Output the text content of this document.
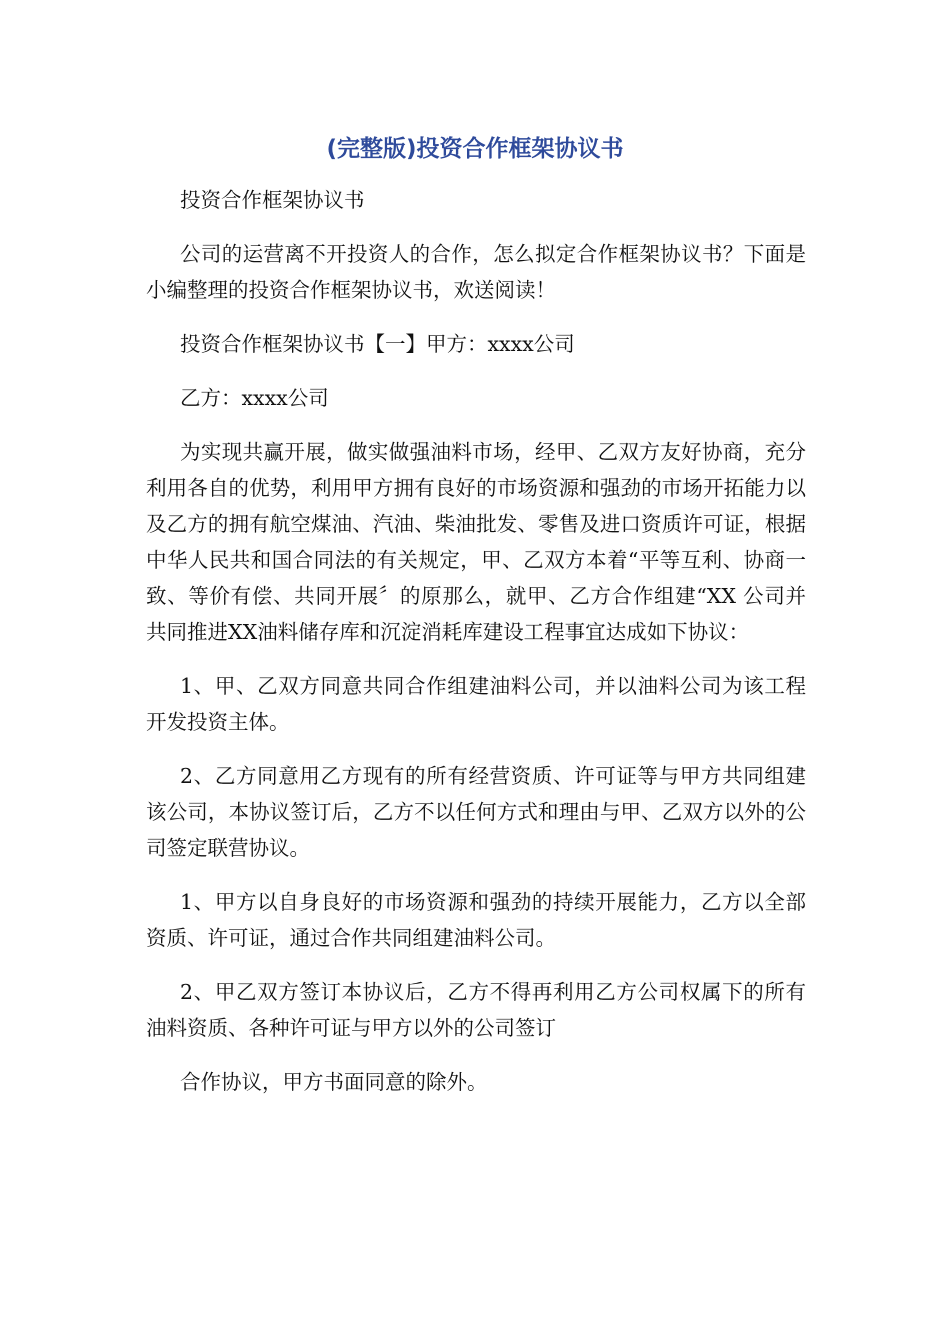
(完整版)投资合作框架协议书

投资合作框架协议书

公司的运营离不开投资人的合作，怎么拟定合作框架协议书？下面是小编整理的投资合作框架协议书，欢送阅读！

投资合作框架协议书【一】甲方：xxxx公司

乙方：xxxx公司

为实现共赢开展，做实做强油料市场，经甲、乙双方友好协商，充分利用各自的优势，利用甲方拥有良好的市场资源和强劲的市场开拓能力以及乙方的拥有航空煤油、汽油、柴油批发、零售及进口资质许可证，根据中华人民共和国合同法的有关规定，甲、乙双方本着“平等互利、协商一致、等价有偿、共同开展〞的原那么，就甲、乙方合作组建“XX 公司并共同推进XX油料储存库和沉淀消耗库建设工程事宜达成如下协议：

1、甲、乙双方同意共同合作组建油料公司，并以油料公司为该工程开发投资主体。

2、乙方同意用乙方现有的所有经营资质、许可证等与甲方共同组建该公司，本协议签订后，乙方不以任何方式和理由与甲、乙双方以外的公司签定联营协议。

1、甲方以自身良好的市场资源和强劲的持续开展能力，乙方以全部资质、许可证，通过合作共同组建油料公司。

2、甲乙双方签订本协议后，乙方不得再利用乙方公司权属下的所有油料资质、各种许可证与甲方以外的公司签订

合作协议，甲方书面同意的除外。
